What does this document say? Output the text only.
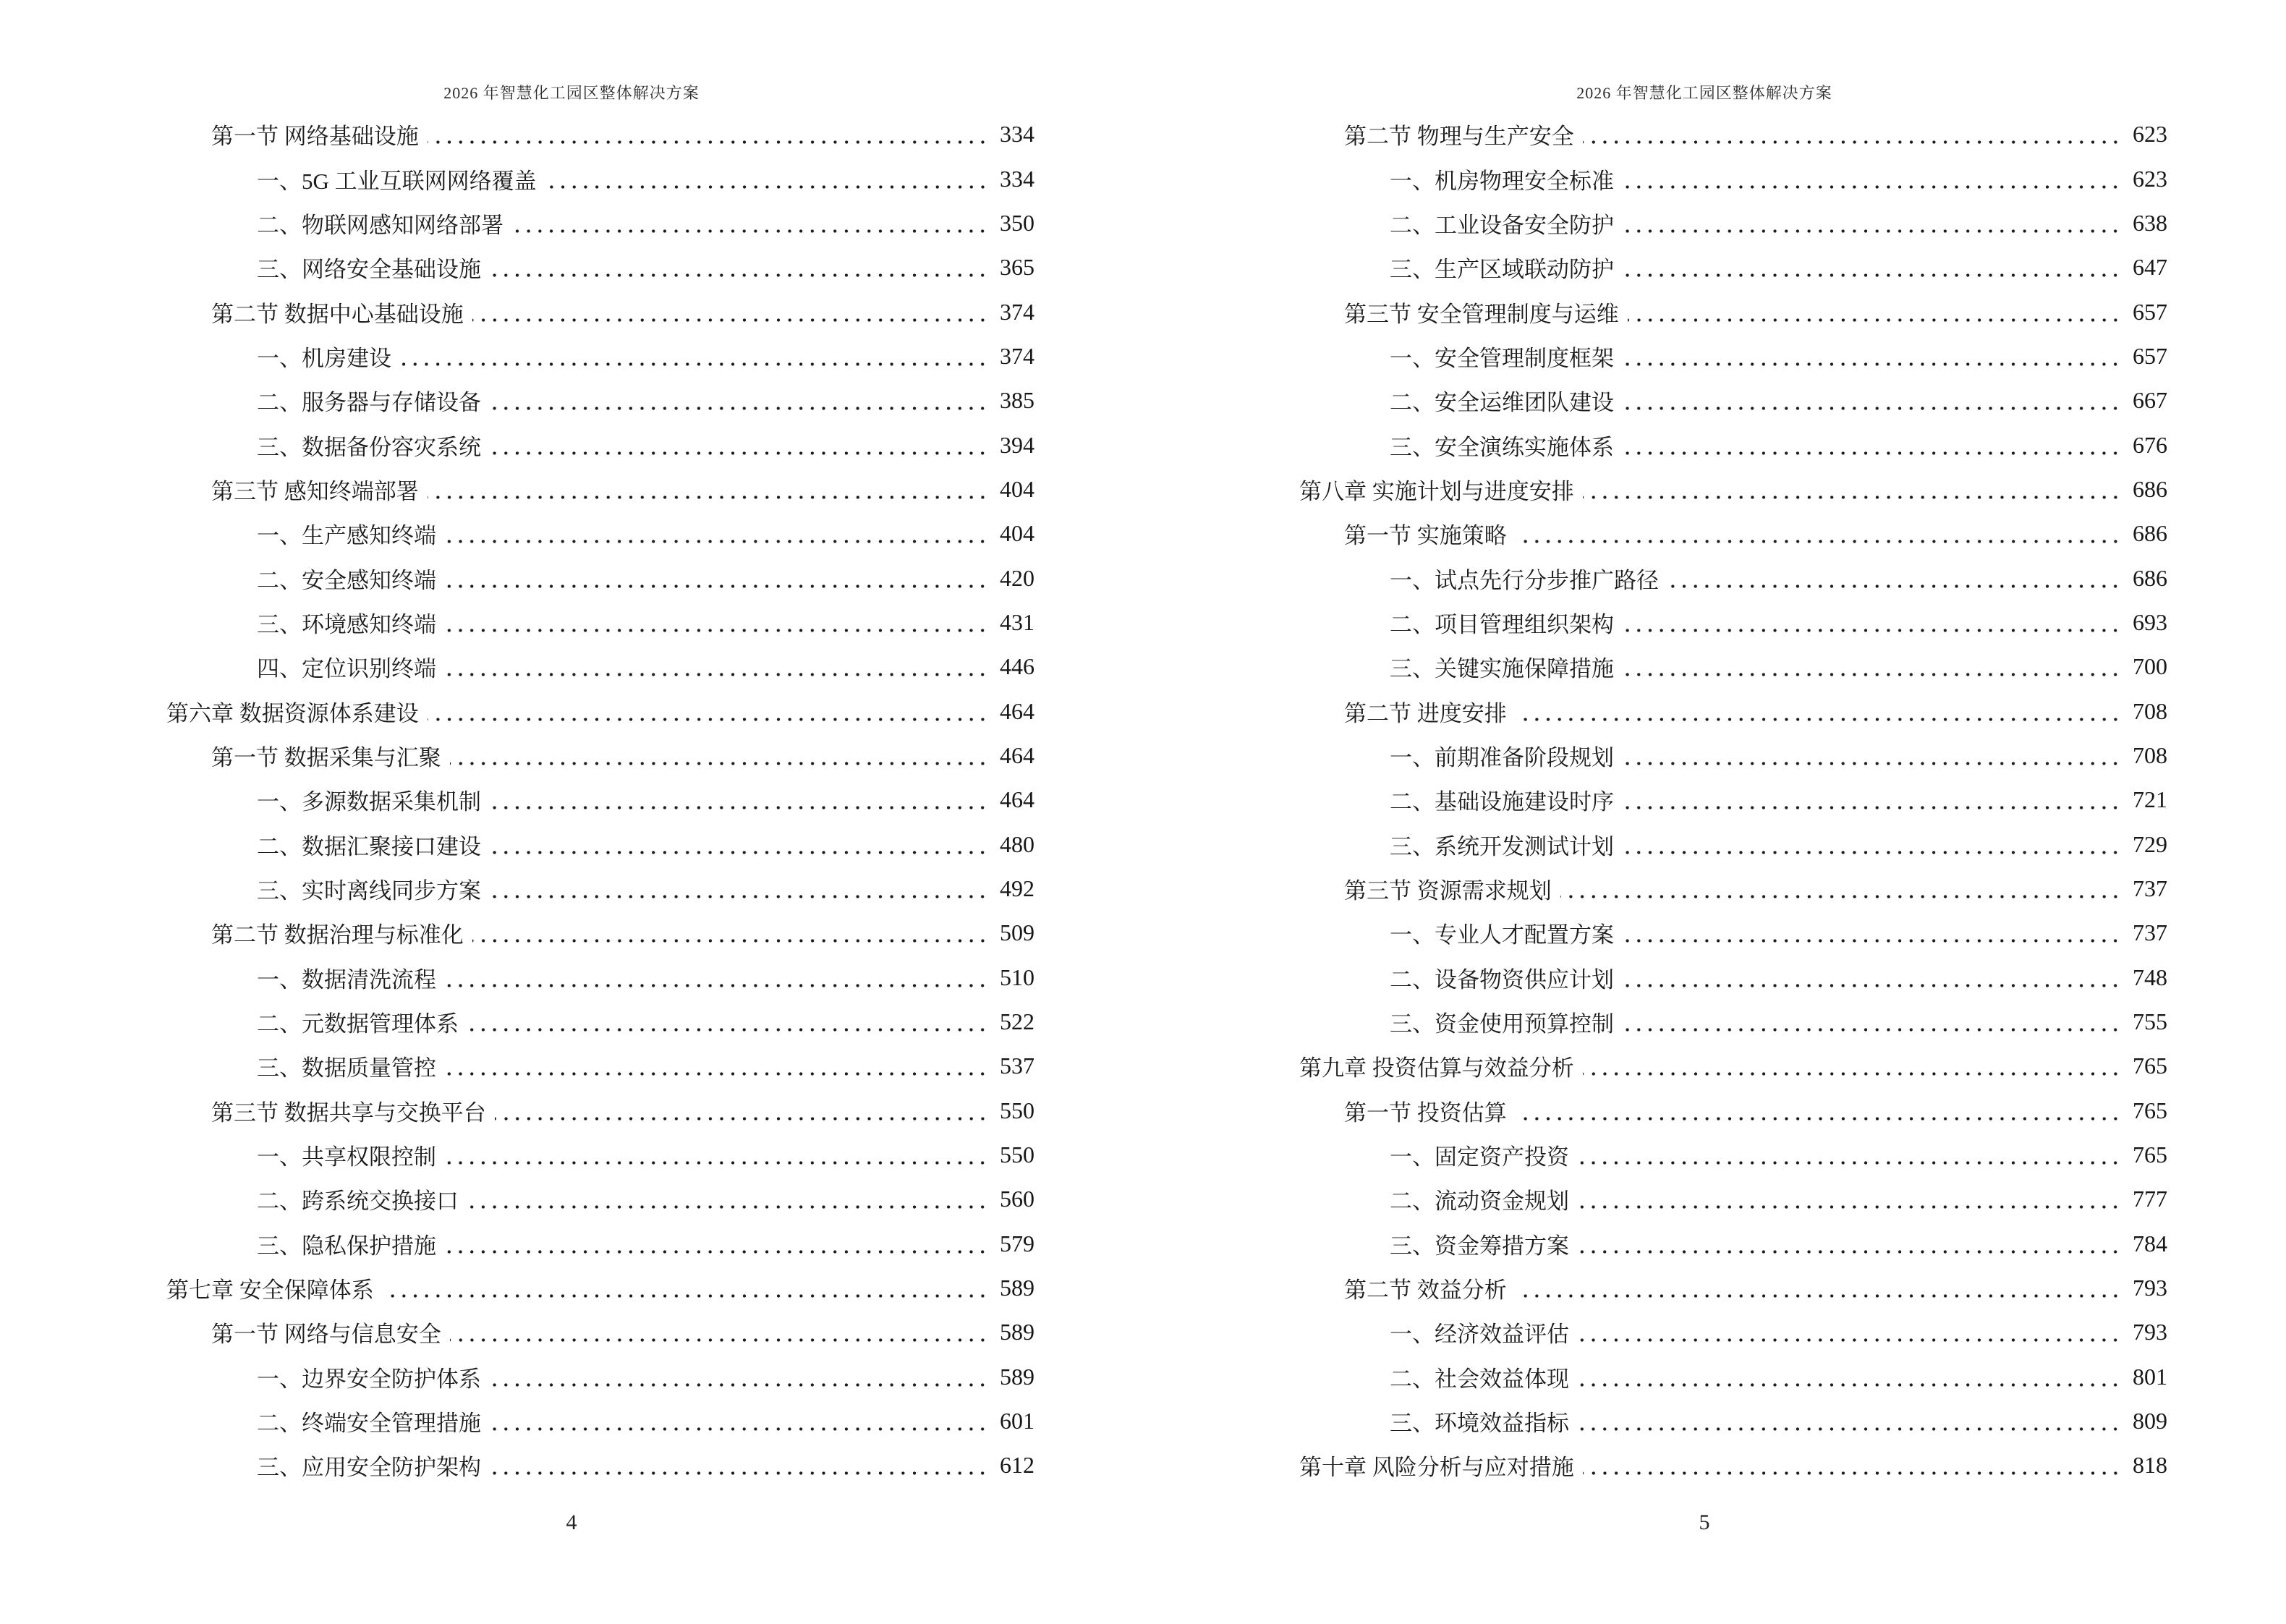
2026 年智慧化工园区整体解决方案
第一节 网络基础设施	334
一、5G 工业互联网网络覆盖	334
二、物联网感知网络部署	350
三、网络安全基础设施	365
第二节 数据中心基础设施	374
一、机房建设	374
二、服务器与存储设备	385
三、数据备份容灾系统	394
第三节 感知终端部署	404
一、生产感知终端	404
二、安全感知终端	420
三、环境感知终端	431
四、定位识别终端	446
第六章 数据资源体系建设	464
第一节 数据采集与汇聚	464
一、多源数据采集机制	464
二、数据汇聚接口建设	480
三、实时离线同步方案	492
第二节 数据治理与标准化	509
一、数据清洗流程	510
二、元数据管理体系	522
三、数据质量管控	537
第三节 数据共享与交换平台	550
一、共享权限控制	550
二、跨系统交换接口	560
三、隐私保护措施	579
第七章 安全保障体系	589
第一节 网络与信息安全	589
一、边界安全防护体系	589
二、终端安全管理措施	601
三、应用安全防护架构	612
4
2026 年智慧化工园区整体解决方案
第二节 物理与生产安全	623
一、机房物理安全标准	623
二、工业设备安全防护	638
三、生产区域联动防护	647
第三节 安全管理制度与运维	657
一、安全管理制度框架	657
二、安全运维团队建设	667
三、安全演练实施体系	676
第八章 实施计划与进度安排	686
第一节 实施策略	686
一、试点先行分步推广路径	686
二、项目管理组织架构	693
三、关键实施保障措施	700
第二节 进度安排	708
一、前期准备阶段规划	708
二、基础设施建设时序	721
三、系统开发测试计划	729
第三节 资源需求规划	737
一、专业人才配置方案	737
二、设备物资供应计划	748
三、资金使用预算控制	755
第九章 投资估算与效益分析	765
第一节 投资估算	765
一、固定资产投资	765
二、流动资金规划	777
三、资金筹措方案	784
第二节 效益分析	793
一、经济效益评估	793
二、社会效益体现	801
三、环境效益指标	809
第十章 风险分析与应对措施	818
5
